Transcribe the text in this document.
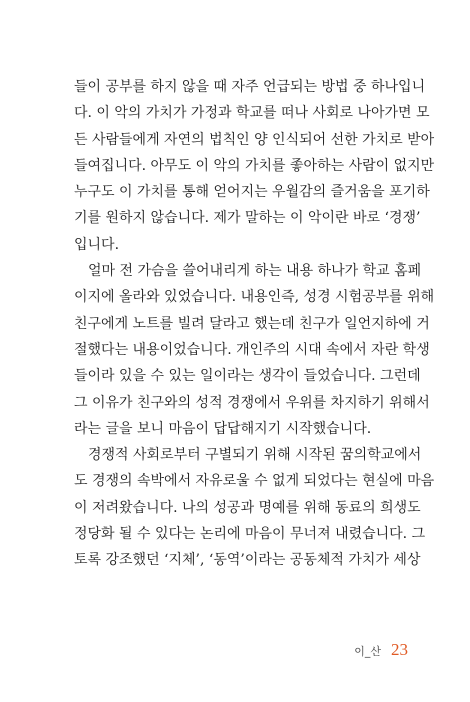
들이 공부를 하지 않을 때 자주 언급되는 방법 중 하나입니
다. 이 악의 가치가 가정과 학교를 떠나 사회로 나아가면 모
든 사람들에게 자연의 법칙인 양 인식되어 선한 가치로 받아
들여집니다. 아무도 이 악의 가치를 좋아하는 사람이 없지만
누구도 이 가치를 통해 얻어지는 우월감의 즐거움을 포기하
기를 원하지 않습니다. 제가 말하는 이 악이란 바로 ‘경쟁’
입니다.
얼마 전 가슴을 쓸어내리게 하는 내용 하나가 학교 홈페
이지에 올라와 있었습니다. 내용인즉, 성경 시험공부를 위해
친구에게 노트를 빌려 달라고 했는데 친구가 일언지하에 거
절했다는 내용이었습니다. 개인주의 시대 속에서 자란 학생
들이라 있을 수 있는 일이라는 생각이 들었습니다. 그런데
그 이유가 친구와의 성적 경쟁에서 우위를 차지하기 위해서
라는 글을 보니 마음이 답답해지기 시작했습니다.
경쟁적 사회로부터 구별되기 위해 시작된 꿈의학교에서
도 경쟁의 속박에서 자유로울 수 없게 되었다는 현실에 마음
이 저려왔습니다. 나의 성공과 명예를 위해 동료의 희생도
정당화 될 수 있다는 논리에 마음이 무너져 내렸습니다. 그
토록 강조했던 ‘지체’, ‘동역’이라는 공동체적 가치가 세상
이_산 23
